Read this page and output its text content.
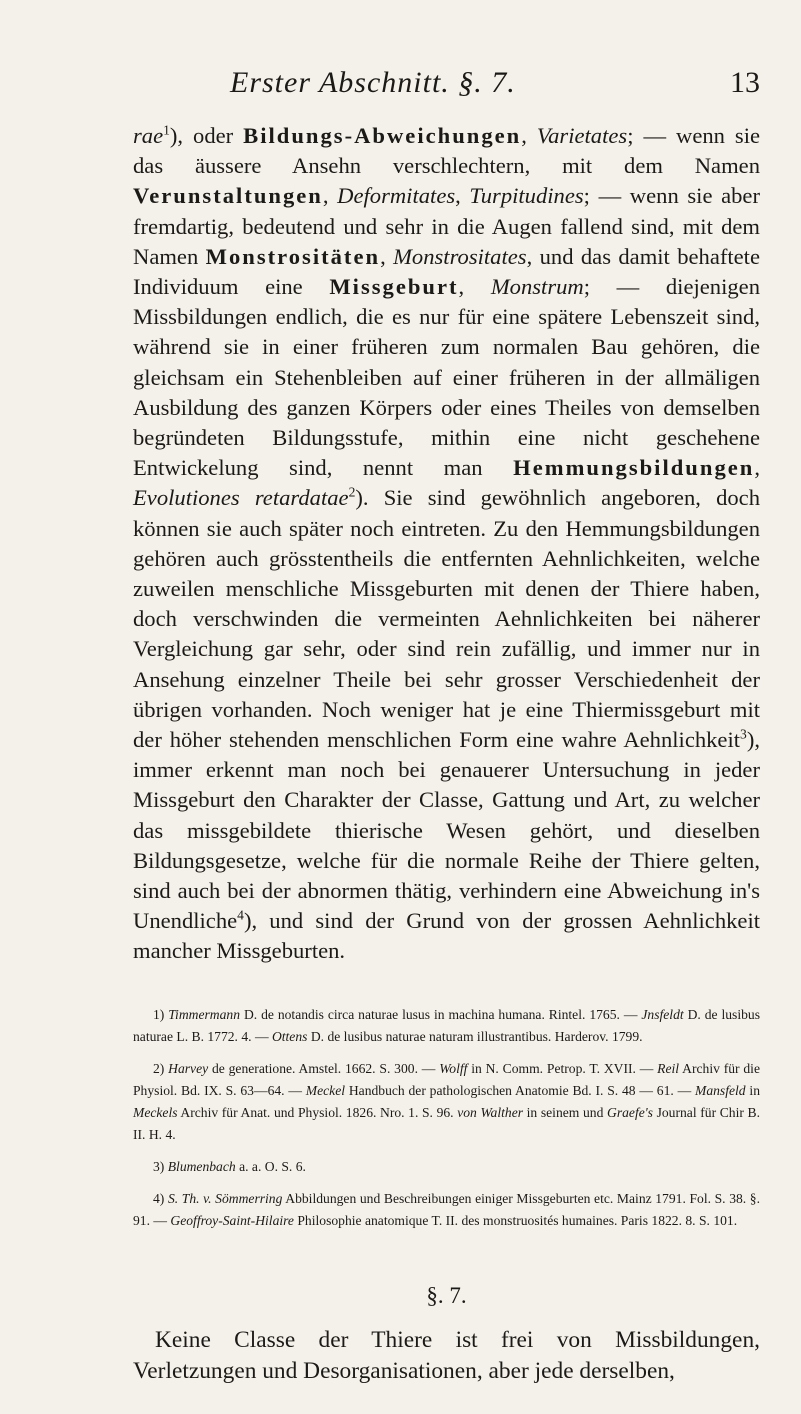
Erster Abschnitt. §. 7.	13

rae$^1$), oder Bildungs-Abweichungen, Varietates; — wenn sie das äussere Ansehn verschlechtern, mit dem Namen Verunstaltungen, Deformitates, Turpitudines; — wenn sie aber fremdartig, bedeutend und sehr in die Augen fallend sind, mit dem Namen Monstrositäten, Monstrositates, und das damit behaftete Individuum eine Missgeburt, Monstrum; — diejenigen Missbildungen endlich, die es nur für eine spätere Lebenszeit sind, während sie in einer früheren zum normalen Bau gehören, die gleichsam ein Stehenbleiben auf einer früheren in der allmäligen Ausbildung des ganzen Körpers oder eines Theiles von demselben begründeten Bildungsstufe, mithin eine nicht geschehene Entwickelung sind, nennt man Hemmungsbildungen, Evolutiones retardatae$^2$). Sie sind gewöhnlich angeboren, doch können sie auch später noch eintreten. Zu den Hemmungsbildungen gehören auch grösstentheils die entfernten Aehnlichkeiten, welche zuweilen menschliche Missgeburten mit denen der Thiere haben, doch verschwinden die vermeinten Aehnlichkeiten bei näherer Vergleichung gar sehr, oder sind rein zufällig, und immer nur in Ansehung einzelner Theile bei sehr grosser Verschiedenheit der übrigen vorhanden. Noch weniger hat je eine Thiermissgeburt mit der höher stehenden menschlichen Form eine wahre Aehnlichkeit$^3$), immer erkennt man noch bei genauerer Untersuchung in jeder Missgeburt den Charakter der Classe, Gattung und Art, zu welcher das missgebildete thierische Wesen gehört, und dieselben Bildungsgesetze, welche für die normale Reihe der Thiere gelten, sind auch bei der abnormen thätig, verhindern eine Abweichung in's Unendliche$^4$), und sind der Grund von der grossen Aehnlichkeit mancher Missgeburten.

1) Timmermann D. de notandis circa naturae lusus in machina humana. Rintel. 1765. — Jnsfeldt D. de lusibus naturae L. B. 1772. 4. — Ottens D. de lusibus naturae naturam illustrantibus. Harderov. 1799.

2) Harvey de generatione. Amstel. 1662. S. 300. — Wolff in N. Comm. Petrop. T. XVII. — Reil Archiv für die Physiol. Bd. IX. S. 63—64. — Meckel Handbuch der pathologischen Anatomie Bd. I. S. 48 — 61. — Mansfeld in Meckels Archiv für Anat. und Physiol. 1826. Nro. 1. S. 96. von Walther in seinem und Graefe's Journal für Chir B. II. H. 4.

3) Blumenbach a. a. O. S. 6.

4) S. Th. v. Sömmerring Abbildungen und Beschreibungen einiger Missgeburten etc. Mainz 1791. Fol. S. 38. §. 91. — Geoffroy-Saint-Hilaire Philosophie anatomique T. II. des monstruosités humaines. Paris 1822. 8. S. 101.

§. 7.

Keine Classe der Thiere ist frei von Missbildungen, Verletzungen und Desorganisationen, aber jede derselben,
